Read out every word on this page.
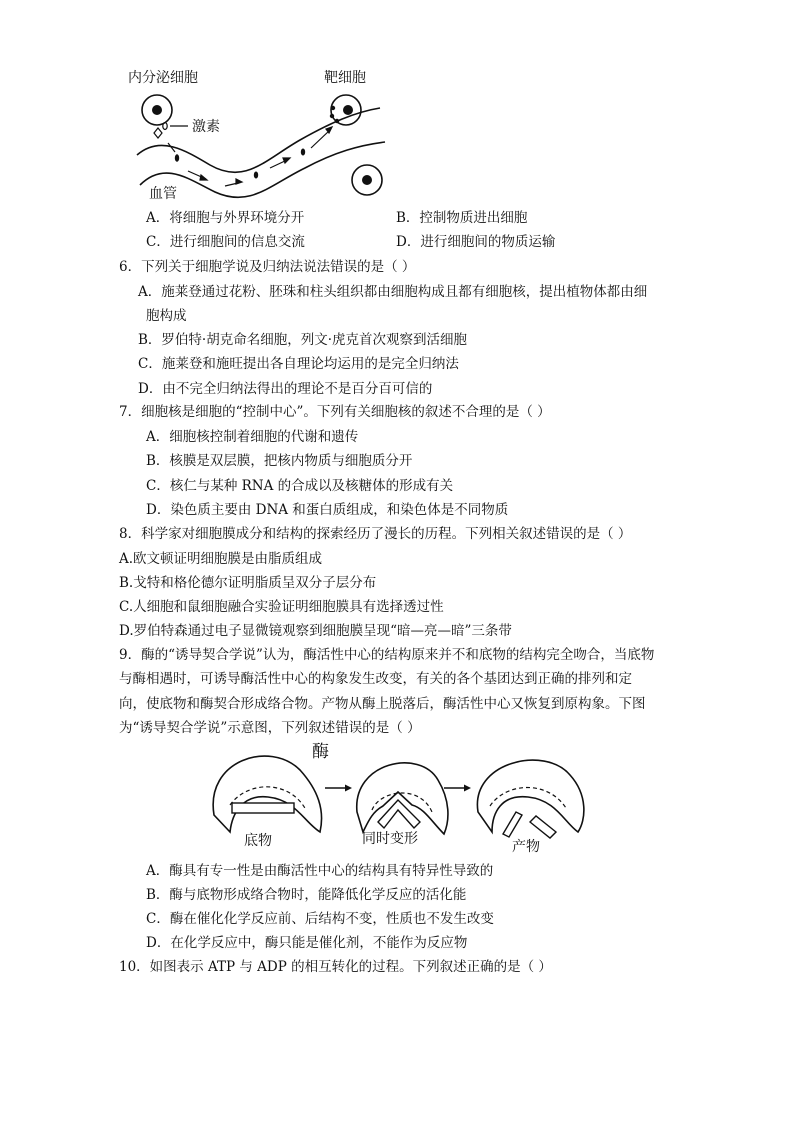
内分泌细胞
激素
靶细胞
血管
A．将细胞与外界环境分开	B．控制物质进出细胞
C．进行细胞间的信息交流	D．进行细胞间的物质运输
6．下列关于细胞学说及归纳法说法错误的是（ ）
A．施莱登通过花粉、胚珠和柱头组织都由细胞构成且都有细胞核，提出植物体都由细
胞构成
B．罗伯特·胡克命名细胞，列文·虎克首次观察到活细胞
C．施莱登和施旺提出各自理论均运用的是完全归纳法
D．由不完全归纳法得出的理论不是百分百可信的
7．细胞核是细胞的“控制中心”。下列有关细胞核的叙述不合理的是（ ）
A．细胞核控制着细胞的代谢和遗传
B．核膜是双层膜，把核内物质与细胞质分开
C．核仁与某种 RNA 的合成以及核糖体的形成有关
D．染色质主要由 DNA 和蛋白质组成，和染色体是不同物质
8．科学家对细胞膜成分和结构的探索经历了漫长的历程。下列相关叙述错误的是（ ）
A.欧文顿证明细胞膜是由脂质组成
B.戈特和格伦德尔证明脂质呈双分子层分布
C.人细胞和鼠细胞融合实验证明细胞膜具有选择透过性
D.罗伯特森通过电子显微镜观察到细胞膜呈现“暗—亮—暗”三条带
9．酶的“诱导契合学说”认为，酶活性中心的结构原来并不和底物的结构完全吻合，当底物
与酶相遇时，可诱导酶活性中心的构象发生改变，有关的各个基团达到正确的排列和定
向，使底物和酶契合形成络合物。产物从酶上脱落后，酶活性中心又恢复到原构象。下图
为“诱导契合学说”示意图，下列叙述错误的是（ ）
酶
底物	同时变形	产物
A．酶具有专一性是由酶活性中心的结构具有特异性导致的
B．酶与底物形成络合物时，能降低化学反应的活化能
C．酶在催化化学反应前、后结构不变，性质也不发生改变
D．在化学反应中，酶只能是催化剂，不能作为反应物
10．如图表示 ATP 与 ADP 的相互转化的过程。下列叙述正确的是（ ）
